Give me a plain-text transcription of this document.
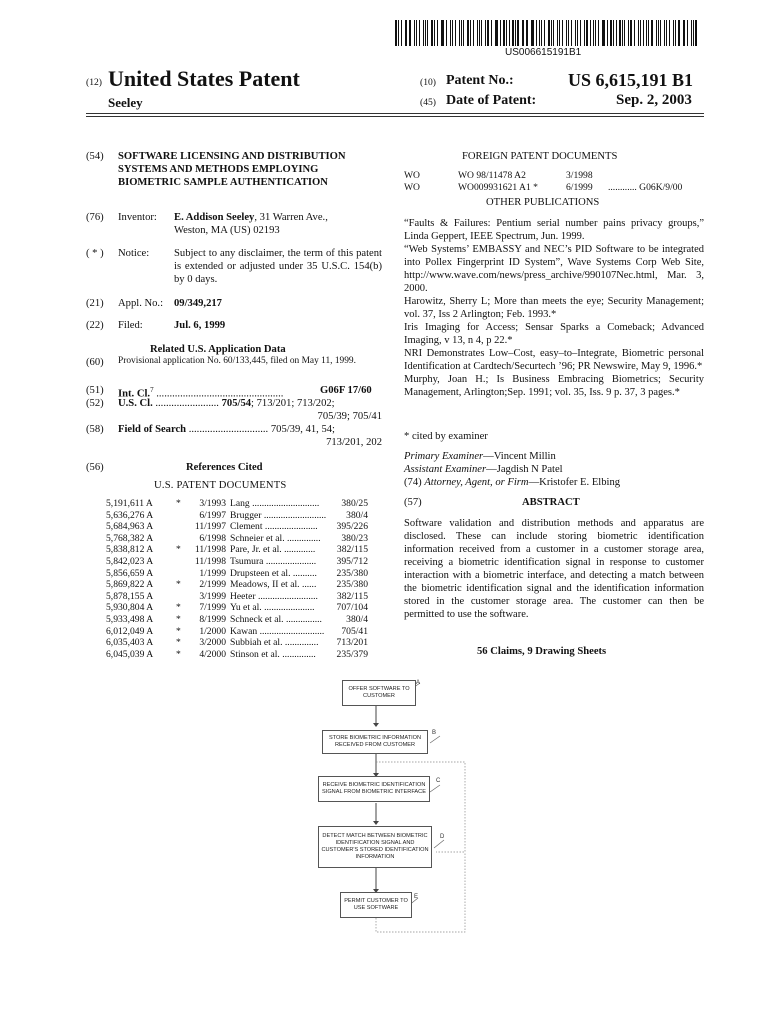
US006615191B1
(12) United States Patent
Seeley
(10) Patent No.:	US 6,615,191 B1
(45) Date of Patent:	Sep. 2, 2003
(54) SOFTWARE LICENSING AND DISTRIBUTION SYSTEMS AND METHODS EMPLOYING BIOMETRIC SAMPLE AUTHENTICATION
(76) Inventor: E. Addison Seeley, 31 Warren Ave.,
Weston, MA (US) 02193
( * ) Notice: Subject to any disclaimer, the term of this patent is extended or adjusted under 35 U.S.C. 154(b) by 0 days.
(21) Appl. No.: 09/349,217
(22) Filed:	Jul. 6, 1999
Related U.S. Application Data
(60) Provisional application No. 60/133,445, filed on May 11, 1999.
(51) Int. Cl.$^7$ ................................................	G06F 17/60
(52) U.S. Cl. ........................ 705/54; 713/201; 713/202;
705/39; 705/41
(58) Field of Search .............................. 705/39, 41, 54;
713/201, 202
(56)	References Cited
U.S. PATENT DOCUMENTS
5,191,611 A *	3/1993 Lang ............................	380/25
5,636,276 A	6/1997 Brugger ..........................	380/4
5,684,963 A	11/1997 Clement ......................	395/226
5,768,382 A	6/1998 Schneier et al. ..............	380/23
5,838,812 A *	11/1998 Pare, Jr. et al. .............	382/115
5,842,023 A	11/1998 Tsumura .....................	395/712
5,856,659 A	1/1999 Drupsteen et al. ..........	235/380
5,869,822 A *	2/1999 Meadows, II et al. ......	235/380
5,878,155 A	3/1999 Heeter .........................	382/115
5,930,804 A *	7/1999 Yu et al. .....................	707/104
5,933,498 A *	8/1999 Schneck et al. ...............	380/4
6,012,049 A *	1/2000 Kawan ...........................	705/41
6,035,403 A *	3/2000 Subbiah et al. ..............	713/201
6,045,039 A *	4/2000 Stinson et al. ..............	235/379
FOREIGN PATENT DOCUMENTS
WO	WO 98/11478 A2	3/1998
WO	WO009931621 A1 *	6/1999 ............ G06K/9/00
OTHER PUBLICATIONS
“Faults & Failures: Pentium serial number pains privacy groups,” Linda Geppert, IEEE Spectrum, Jun. 1999.
“Web Systems’ EMBASSY and NEC’s PID Software to be integrated into Pollex Fingerprint ID System”, Wave Systems Corp Web Site, http://www.wave.com/news/press_archive/990107Nec.html, Mar. 3, 2000.
Harowitz, Sherry L; More than meets the eye; Security Management; vol. 37, Iss 2 Arlington; Feb. 1993.*
Iris Imaging for Access; Sensar Sparks a Comeback; Advanced Imaging, v 13, n 4, p 22.*
NRI Demonstrates Low–Cost, easy–to–Integrate, Biometric personal Identification at Cardtech/Securtech ’96; PR Newswire, May 9, 1996.*
Murphy, Joan H.; Is Business Embracing Biometrics; Security Management, Arlington;Sep. 1991; vol. 35, Iss. 9 p. 37, 3 pages.*
* cited by examiner
Primary Examiner—Vincent Millin
Assistant Examiner—Jagdish N Patel
(74) Attorney, Agent, or Firm—Kristofer E. Elbing
(57)	ABSTRACT
Software validation and distribution methods and apparatus are disclosed. These can include storing biometric identification information received from a customer in a customer storage area, receiving a biometric identification signal in response to customer interaction with a biometric interface, and detecting a match between the biometric identification signal and the identification information stored in the customer storage area. The customer can then be permitted to use the software.
56 Claims, 9 Drawing Sheets
OFFER SOFTWARE TO CUSTOMER
A
STORE BIOMETRIC INFORMATION RECEIVED FROM CUSTOMER
B
RECEIVE BIOMETRIC IDENTIFICATION SIGNAL FROM BIOMETRIC INTERFACE
C
DETECT MATCH BETWEEN BIOMETRIC IDENTIFICATION SIGNAL AND CUSTOMER'S STORED IDENTIFICATION INFORMATION
D
PERMIT CUSTOMER TO USE SOFTWARE
E
